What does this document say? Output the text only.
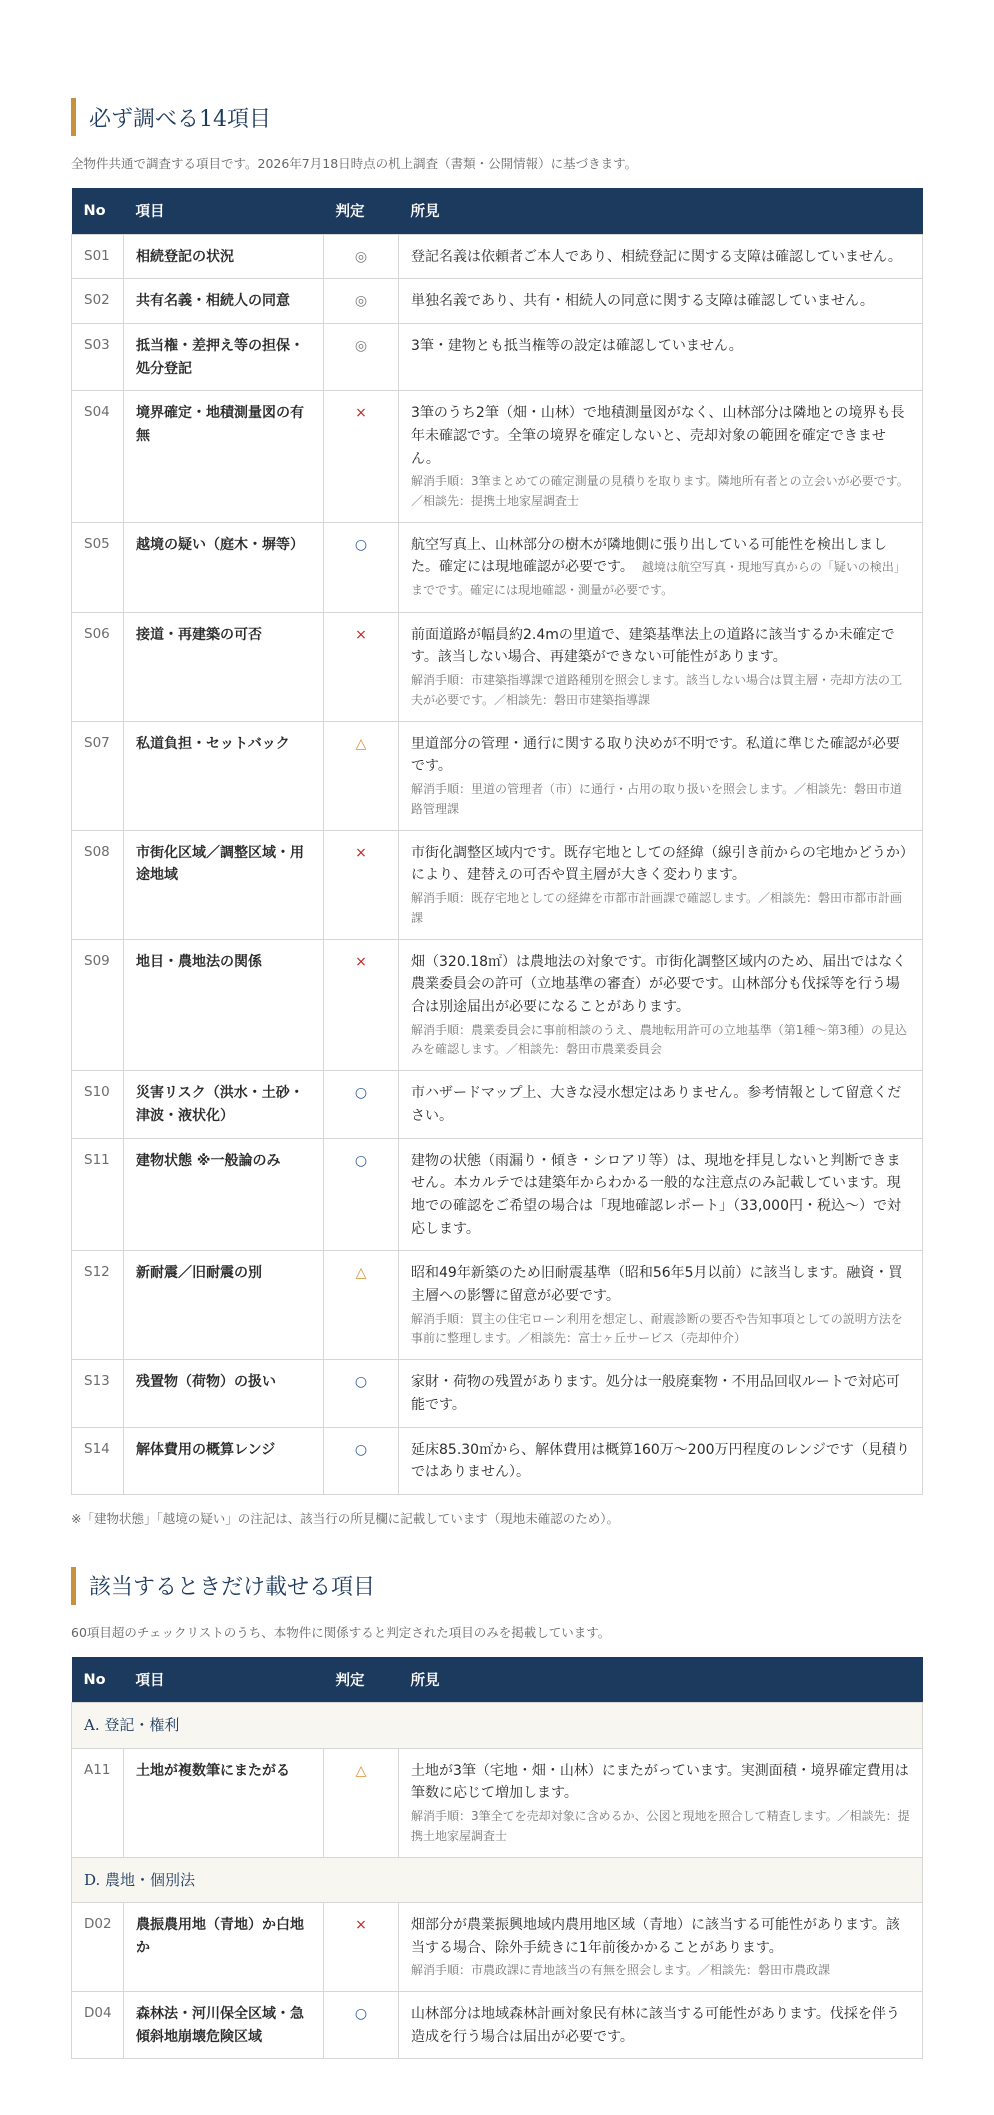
必ず調べる14項目

全物件共通で調査する項目です。2026年7月18日時点の机上調査（書類・公開情報）に基づきます。

No	項目	判定	所見
S01	相続登記の状況	◎	登記名義は依頼者ご本人であり、相続登記に関する支障は確認していません。
S02	共有名義・相続人の同意	◎	単独名義であり、共有・相続人の同意に関する支障は確認していません。
S03	抵当権・差押え等の担保・処分登記	◎	3筆・建物とも抵当権等の設定は確認していません。
S04	境界確定・地積測量図の有無	×	3筆のうち2筆（畑・山林）で地積測量図がなく、山林部分は隣地との境界も長年未確認です。全筆の境界を確定しないと、売却対象の範囲を確定できません。
解消手順：3筆まとめての確定測量の見積りを取ります。隣地所有者との立会いが必要です。／相談先：提携土地家屋調査士

S05	越境の疑い（庭木・塀等）	○	航空写真上、山林部分の樹木が隣地側に張り出している可能性を検出しました。確定には現地確認が必要です。 越境は航空写真・現地写真からの「疑いの検出」までです。確定には現地確認・測量が必要です。
S06	接道・再建築の可否	×	前面道路が幅員約2.4mの里道で、建築基準法上の道路に該当するか未確定です。該当しない場合、再建築ができない可能性があります。
解消手順：市建築指導課で道路種別を照会します。該当しない場合は買主層・売却方法の工夫が必要です。／相談先：磐田市建築指導課

S07	私道負担・セットバック	△	里道部分の管理・通行に関する取り決めが不明です。私道に準じた確認が必要です。
解消手順：里道の管理者（市）に通行・占用の取り扱いを照会します。／相談先：磐田市道路管理課

S08	市街化区域／調整区域・用途地域	×	市街化調整区域内です。既存宅地としての経緯（線引き前からの宅地かどうか）により、建替えの可否や買主層が大きく変わります。
解消手順：既存宅地としての経緯を市都市計画課で確認します。／相談先：磐田市都市計画課

S09	地目・農地法の関係	×	畑（320.18㎡）は農地法の対象です。市街化調整区域内のため、届出ではなく農業委員会の許可（立地基準の審査）が必要です。山林部分も伐採等を行う場合は別途届出が必要になることがあります。
解消手順：農業委員会に事前相談のうえ、農地転用許可の立地基準（第1種〜第3種）の見込みを確認します。／相談先：磐田市農業委員会

S10	災害リスク（洪水・土砂・津波・液状化）	○	市ハザードマップ上、大きな浸水想定はありません。参考情報として留意ください。
S11	建物状態 ※一般論のみ	○	建物の状態（雨漏り・傾き・シロアリ等）は、現地を拝見しないと判断できません。本カルテでは建築年からわかる一般的な注意点のみ記載しています。現地での確認をご希望の場合は「現地確認レポート」（33,000円・税込〜）で対応します。
S12	新耐震／旧耐震の別	△	昭和49年新築のため旧耐震基準（昭和56年5月以前）に該当します。融資・買主層への影響に留意が必要です。
解消手順：買主の住宅ローン利用を想定し、耐震診断の要否や告知事項としての説明方法を事前に整理します。／相談先：富士ヶ丘サービス（売却仲介）

S13	残置物（荷物）の扱い	○	家財・荷物の残置があります。処分は一般廃棄物・不用品回収ルートで対応可能です。
S14	解体費用の概算レンジ	○	延床85.30㎡から、解体費用は概算160万〜200万円程度のレンジです（見積りではありません）。

※「建物状態」「越境の疑い」の注記は、該当行の所見欄に記載しています（現地未確認のため）。

該当するときだけ載せる項目

60項目超のチェックリストのうち、本物件に関係すると判定された項目のみを掲載しています。

No	項目	判定	所見
A. 登記・権利			
A11	土地が複数筆にまたがる	△	土地が3筆（宅地・畑・山林）にまたがっています。実測面積・境界確定費用は筆数に応じて増加します。
解消手順：3筆全てを売却対象に含めるか、公図と現地を照合して精査します。／相談先：提携土地家屋調査士

D. 農地・個別法			
D02	農振農用地（青地）か白地か	×	畑部分が農業振興地域内農用地区域（青地）に該当する可能性があります。該当する場合、除外手続きに1年前後かかることがあります。
解消手順：市農政課に青地該当の有無を照会します。／相談先：磐田市農政課

D04	森林法・河川保全区域・急傾斜地崩壊危険区域	○	山林部分は地域森林計画対象民有林に該当する可能性があります。伐採を伴う造成を行う場合は届出が必要です。
